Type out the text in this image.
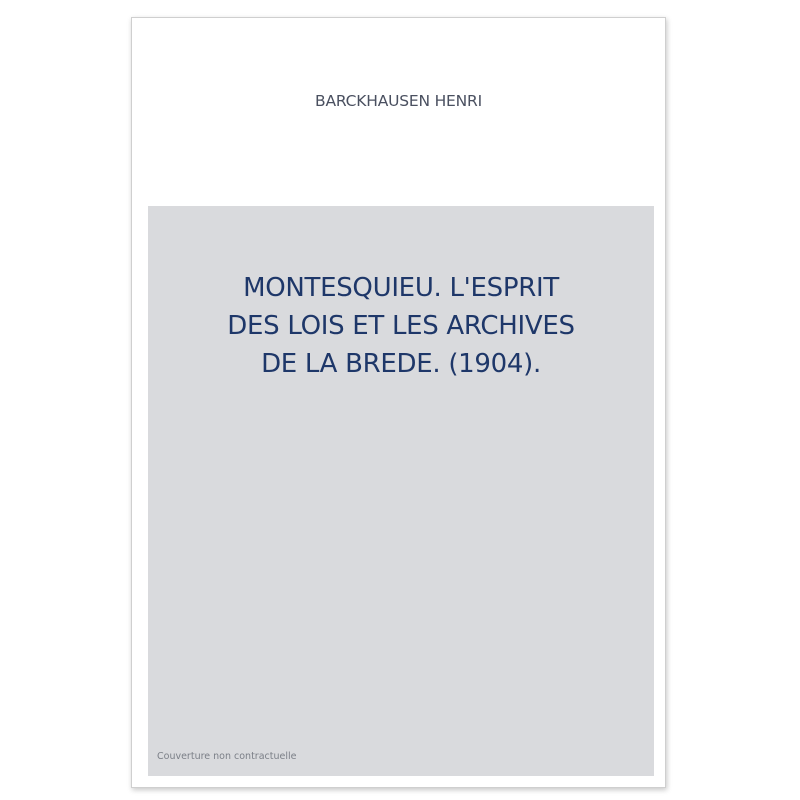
BARCKHAUSEN HENRI
MONTESQUIEU. L'ESPRIT
DES LOIS ET LES ARCHIVES
DE LA BREDE. (1904).
Couverture non contractuelle
